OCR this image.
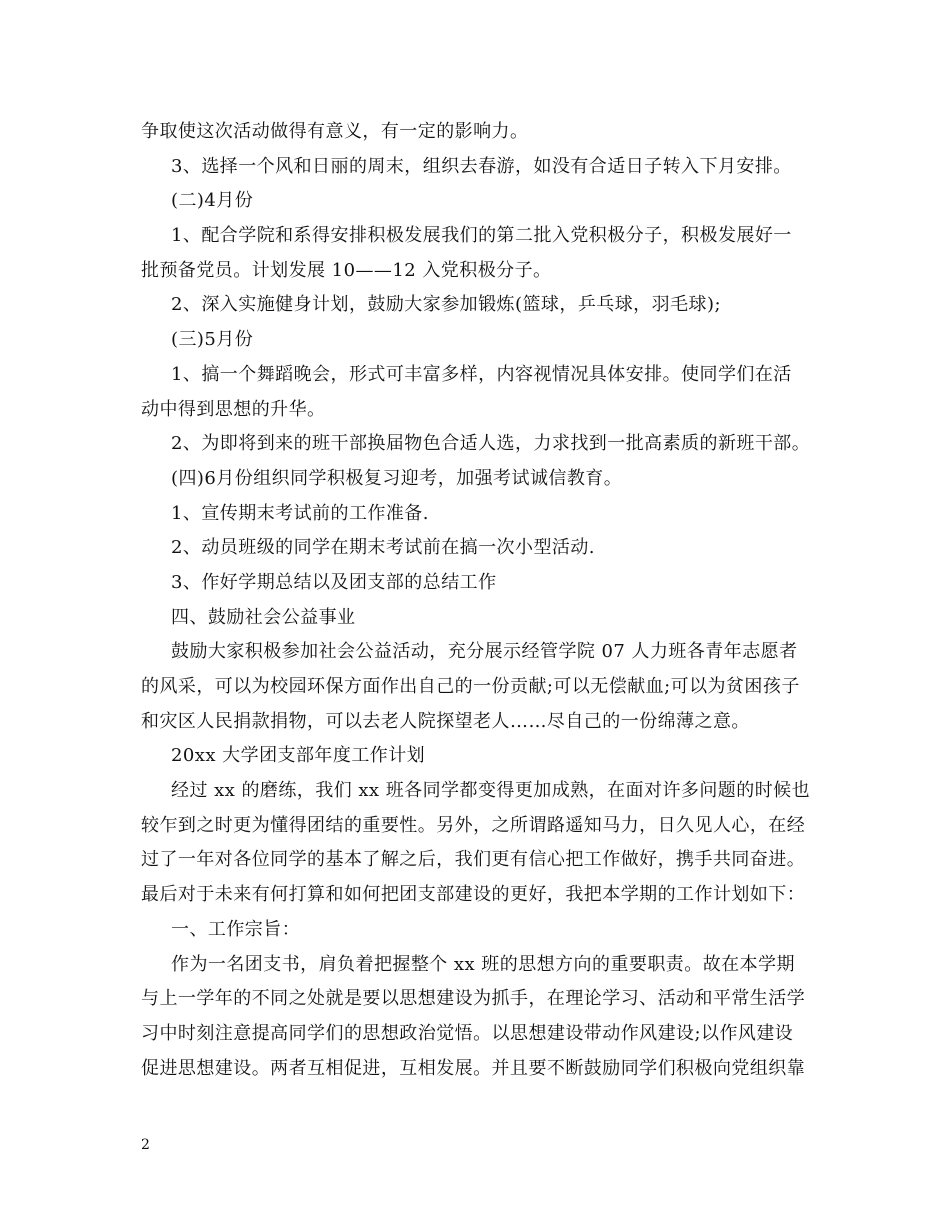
争取使这次活动做得有意义，有一定的影响力。
3、选择一个风和日丽的周末，组织去春游，如没有合适日子转入下月安排。
(二)4月份
1、配合学院和系得安排积极发展我们的第二批入党积极分子，积极发展好一
批预备党员。计划发展 10——12 入党积极分子。
2、深入实施健身计划，鼓励大家参加锻炼(篮球，乒乓球，羽毛球);
(三)5月份
1、搞一个舞蹈晚会，形式可丰富多样，内容视情况具体安排。使同学们在活
动中得到思想的升华。
2、为即将到来的班干部换届物色合适人选，力求找到一批高素质的新班干部。
(四)6月份组织同学积极复习迎考，加强考试诚信教育。
1、宣传期末考试前的工作准备.
2、动员班级的同学在期末考试前在搞一次小型活动.
3、作好学期总结以及团支部的总结工作
四、鼓励社会公益事业
鼓励大家积极参加社会公益活动，充分展示经管学院 07 人力班各青年志愿者
的风采，可以为校园环保方面作出自己的一份贡献;可以无偿献血;可以为贫困孩子
和灾区人民捐款捐物，可以去老人院探望老人……尽自己的一份绵薄之意。
20xx 大学团支部年度工作计划
经过 xx 的磨练，我们 xx 班各同学都变得更加成熟，在面对许多问题的时候也
较乍到之时更为懂得团结的重要性。另外，之所谓路遥知马力，日久见人心，在经
过了一年对各位同学的基本了解之后，我们更有信心把工作做好，携手共同奋进。
最后对于未来有何打算和如何把团支部建设的更好，我把本学期的工作计划如下：
一、工作宗旨：
作为一名团支书，肩负着把握整个 xx 班的思想方向的重要职责。故在本学期
与上一学年的不同之处就是要以思想建设为抓手，在理论学习、活动和平常生活学
习中时刻注意提高同学们的思想政治觉悟。以思想建设带动作风建设;以作风建设
促进思想建设。两者互相促进，互相发展。并且要不断鼓励同学们积极向党组织靠
2
